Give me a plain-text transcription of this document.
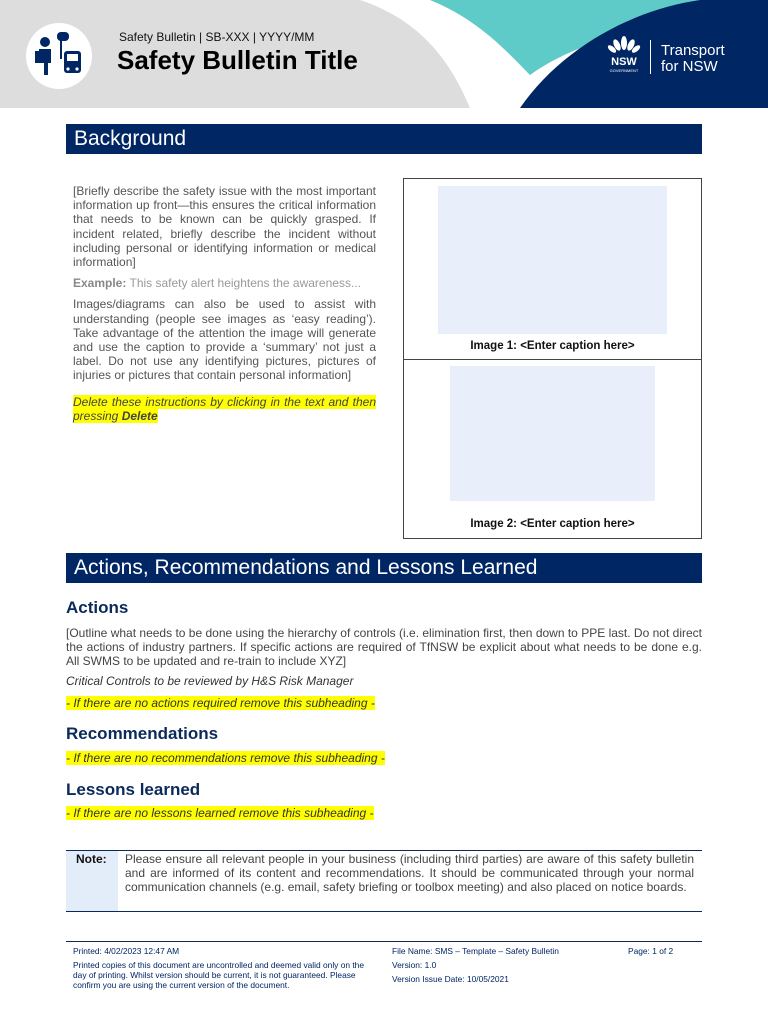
Safety Bulletin | SB-XXX | YYYY/MM
Safety Bulletin Title	NSW
GOVERNMENT
Transport
for NSW
Background

[Briefly describe the safety issue with the most important information up front—this ensures the critical information that needs to be known can be quickly grasped. If incident related, briefly describe the incident without including personal or identifying information or medical information]

Example: This safety alert heightens the awareness...

Images/diagrams can also be used to assist with understanding (people see images as ‘easy reading’). Take advantage of the attention the image will generate and use the caption to provide a ‘summary’ not just a label. Do not use any identifying pictures, pictures of injuries or pictures that contain personal information]

Delete these instructions by clicking in the text and then pressing Delete

Image 1: <Enter caption here>
Image 2: <Enter caption here>
Actions, Recommendations and Lessons Learned
Actions
[Outline what needs to be done using the hierarchy of controls (i.e. elimination first, then down to PPE last. Do not direct the actions of industry partners. If specific actions are required of TfNSW be explicit about what needs to be done e.g. All SWMS to be updated and re-train to include XYZ]
Critical Controls to be reviewed by H&S Risk Manager
- If there are no actions required remove this subheading -
Recommendations
- If there are no recommendations remove this subheading -
Lessons learned
- If there are no lessons learned remove this subheading -
Note: Please ensure all relevant people in your business (including third parties) are aware of this safety bulletin and are informed of its content and recommendations. It should be communicated through your normal communication channels (e.g. email, safety briefing or toolbox meeting) and also placed on notice boards.
Printed: 4/02/2023 12:47 AM
Printed copies of this document are uncontrolled and deemed valid only on the day of printing. Whilst version should be current, it is not guaranteed. Please confirm you are using the current version of the document.
File Name: SMS – Template – Safety Bulletin
Version: 1.0
Version Issue Date: 10/05/2021
Page: 1 of 2
